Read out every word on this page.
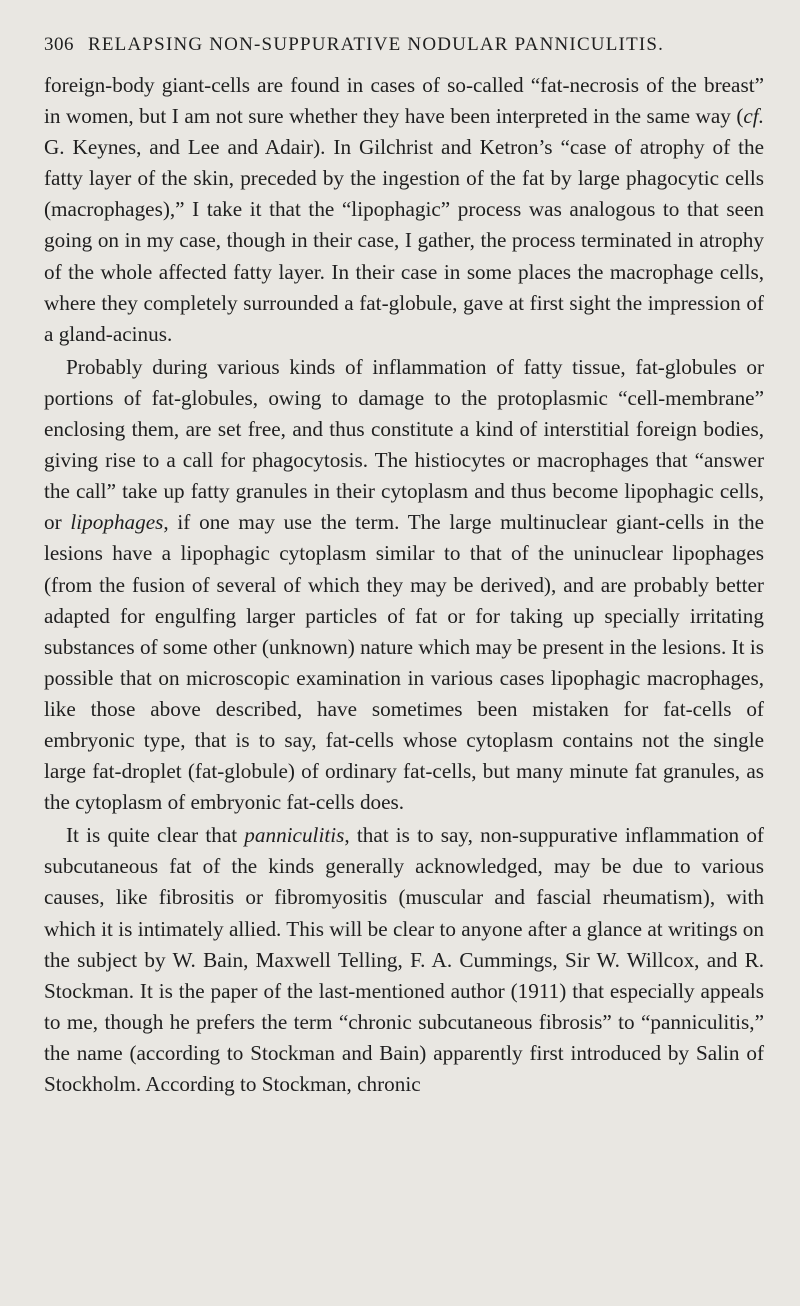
306 RELAPSING NON-SUPPURATIVE NODULAR PANNICULITIS.

foreign-body giant-cells are found in cases of so-called “fat-necrosis of the breast” in women, but I am not sure whether they have been interpreted in the same way (cf. G. Keynes, and Lee and Adair). In Gilchrist and Ketron’s “case of atrophy of the fatty layer of the skin, preceded by the ingestion of the fat by large phagocytic cells (macrophages),” I take it that the “lipophagic” process was analogous to that seen going on in my case, though in their case, I gather, the process terminated in atrophy of the whole affected fatty layer. In their case in some places the macrophage cells, where they completely surrounded a fat-globule, gave at first sight the impression of a gland-acinus.

Probably during various kinds of inflammation of fatty tissue, fat-globules or portions of fat-globules, owing to damage to the protoplasmic “cell-membrane” enclosing them, are set free, and thus constitute a kind of interstitial foreign bodies, giving rise to a call for phagocytosis. The histiocytes or macrophages that “answer the call” take up fatty granules in their cytoplasm and thus become lipophagic cells, or lipophages, if one may use the term. The large multinuclear giant-cells in the lesions have a lipophagic cytoplasm similar to that of the uninuclear lipophages (from the fusion of several of which they may be derived), and are probably better adapted for engulfing larger particles of fat or for taking up specially irritating substances of some other (unknown) nature which may be present in the lesions. It is possible that on microscopic examination in various cases lipophagic macrophages, like those above described, have sometimes been mistaken for fat-cells of embryonic type, that is to say, fat-cells whose cytoplasm contains not the single large fat-droplet (fat-globule) of ordinary fat-cells, but many minute fat granules, as the cytoplasm of embryonic fat-cells does.

It is quite clear that panniculitis, that is to say, non-suppurative inflammation of subcutaneous fat of the kinds generally acknowledged, may be due to various causes, like fibrositis or fibromyositis (muscular and fascial rheumatism), with which it is intimately allied. This will be clear to anyone after a glance at writings on the subject by W. Bain, Maxwell Telling, F. A. Cummings, Sir W. Willcox, and R. Stockman. It is the paper of the last-mentioned author (1911) that especially appeals to me, though he prefers the term “chronic subcutaneous fibrosis” to “panniculitis,” the name (according to Stockman and Bain) apparently first introduced by Salin of Stockholm. According to Stockman, chronic
